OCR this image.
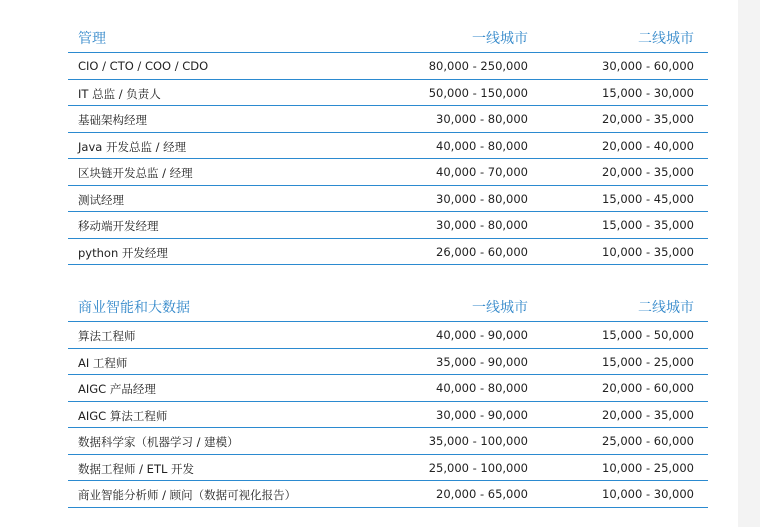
管理	一线城市	二线城市
CIO / CTO / COO / CDO	80,000 - 250,000	30,000 - 60,000
IT 总监 / 负责人	50,000 - 150,000	15,000 - 30,000
基础架构经理	30,000 - 80,000	20,000 - 35,000
Java 开发总监 / 经理	40,000 - 80,000	20,000 - 40,000
区块链开发总监 / 经理	40,000 - 70,000	20,000 - 35,000
测试经理	30,000 - 80,000	15,000 - 45,000
移动端开发经理	30,000 - 80,000	15,000 - 35,000
python 开发经理	26,000 - 60,000	10,000 - 35,000
商业智能和大数据	一线城市	二线城市
算法工程师	40,000 - 90,000	15,000 - 50,000
AI 工程师	35,000 - 90,000	15,000 - 25,000
AIGC 产品经理	40,000 - 80,000	20,000 - 60,000
AIGC 算法工程师	30,000 - 90,000	20,000 - 35,000
数据科学家（机器学习 / 建模）	35,000 - 100,000	25,000 - 60,000
数据工程师 / ETL 开发	25,000 - 100,000	10,000 - 25,000
商业智能分析师 / 顾问（数据可视化报告）	20,000 - 65,000	10,000 - 30,000
